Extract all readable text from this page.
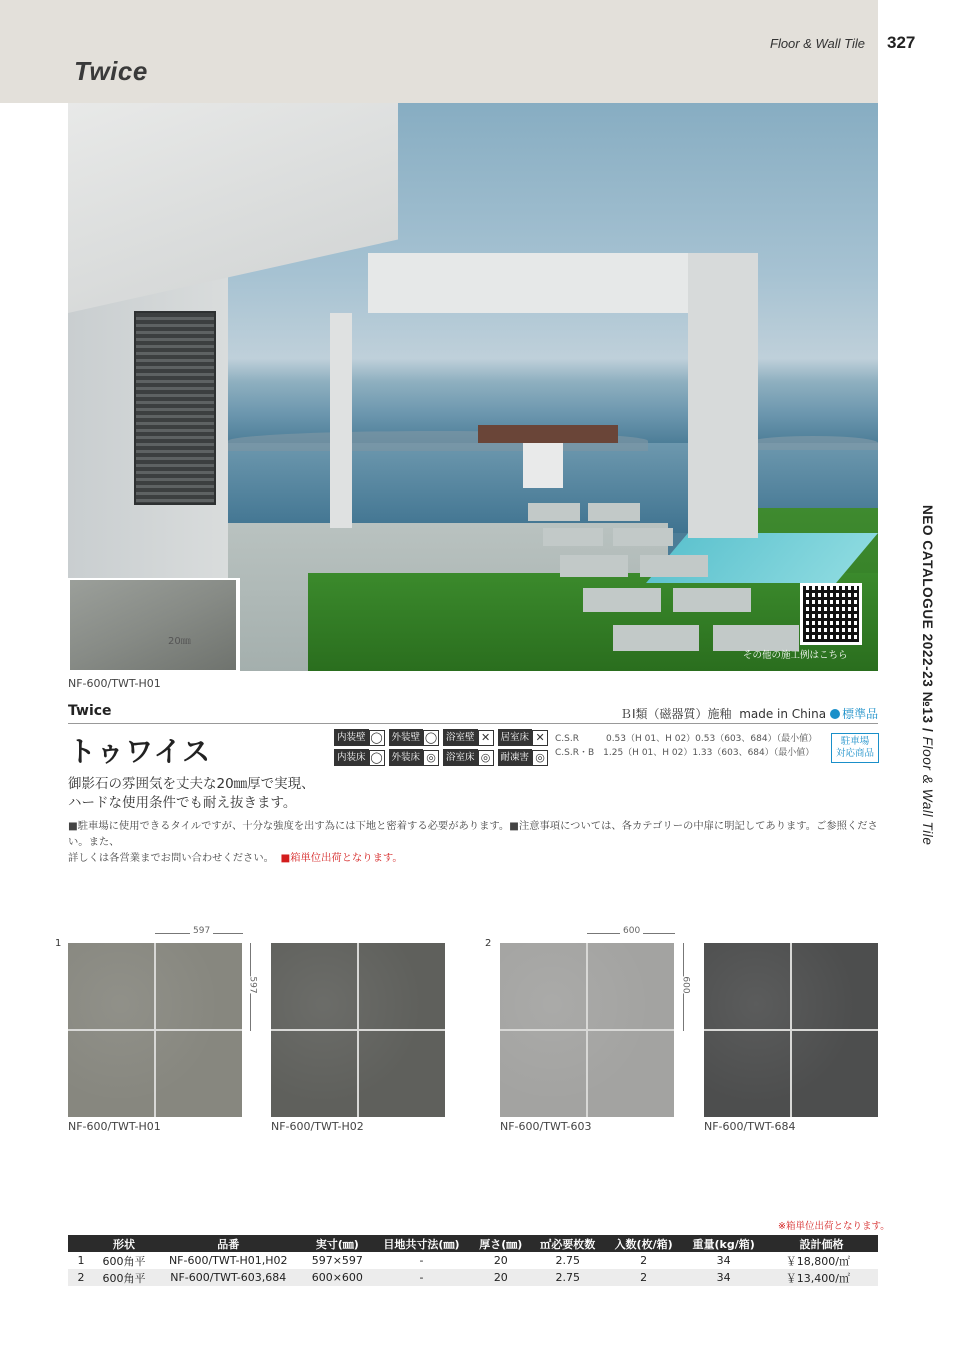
Twice
Floor & Wall Tile 327
NEO CATALOGUE 2022-23 №13 / Floor & Wall Tile
20㎜
その他の施工例はこちら
NF-600/TWT-H01
Twice	ＢⅠ類（磁器質）施釉 made in China 標準品
トゥワイス	内装壁 ◯ 外装壁 ◯ 浴室壁 ✕	居室床 ✕
内装床 ◯ 外装床 ◎	浴室床 ◎	耐凍害 ◎
C.S.R　　　0.53（H 01、H 02）0.53（603、684）（最小値）
C.S.R・B　1.25（H 01、H 02）1.33（603、684）（最小値）
駐車場
対応商品
御影石の雰囲気を丈夫な20㎜厚で実現、
ハードな使用条件でも耐え抜きます。
■駐車場に使用できるタイルですが、十分な強度を出す為には下地と密着する必要があります。■注意事項については、各カテゴリーの中扉に明記してあります。ご参照ください。また、
詳しくは各営業までお問い合わせください。 ■箱単位出荷となります。
1	2
597
597
600
600
NF-600/TWT-H01	NF-600/TWT-H02	NF-600/TWT-603	NF-600/TWT-684
※箱単位出荷となります。
	形状	品番	実寸(㎜)	目地共寸法(㎜)	厚さ(㎜)	㎡必要枚数	入数(枚/箱)	重量(kg/箱)	設計価格
1	600角平	NF-600/TWT-H01,H02	597×597	-	20	2.75	2	34	￥18,800/㎡
2	600角平	NF-600/TWT-603,684	600×600	-	20	2.75	2	34	￥13,400/㎡
